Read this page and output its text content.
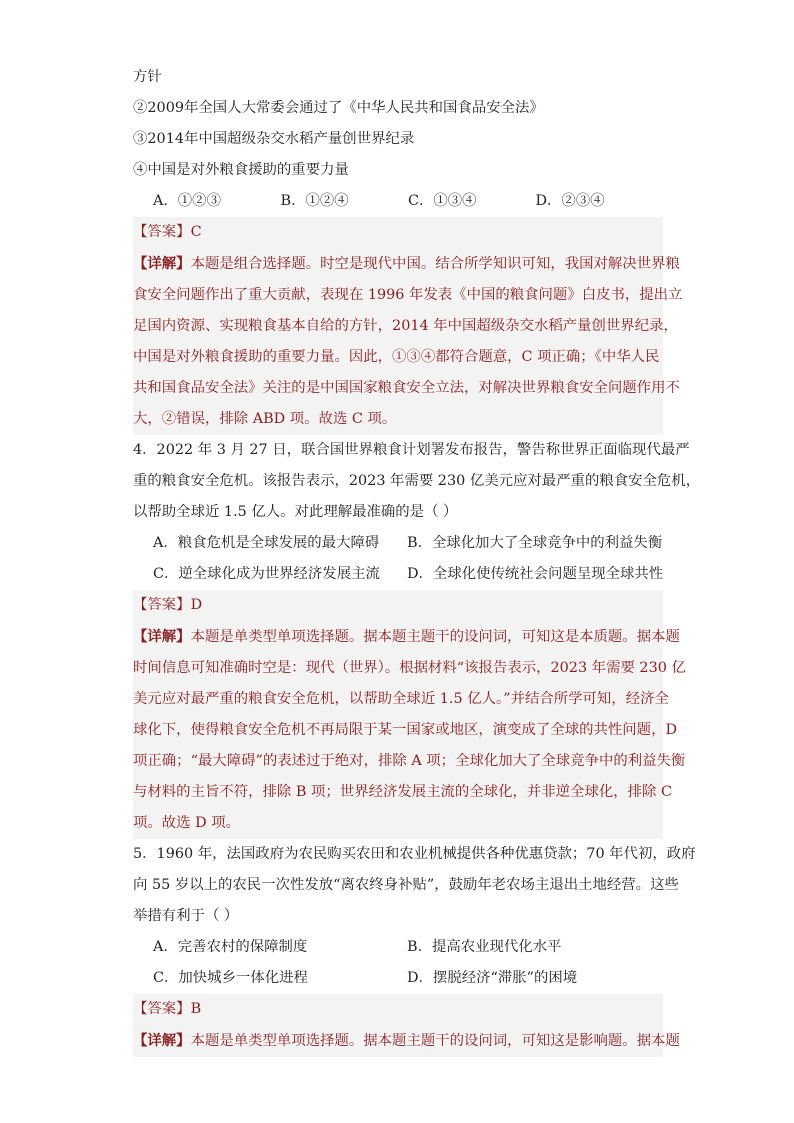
方针
②2009年全国人大常委会通过了《中华人民共和国食品安全法》
③2014年中国超级杂交水稻产量创世界纪录
④中国是对外粮食援助的重要力量
A．①②③	B．①②④	C．①③④	D．②③④
【答案】C
【详解】本题是组合选择题。时空是现代中国。结合所学知识可知，我国对解决世界粮
食安全问题作出了重大贡献，表现在 1996 年发表《中国的粮食问题》白皮书，提出立
足国内资源、实现粮食基本自给的方针，2014 年中国超级杂交水稻产量创世界纪录，
中国是对外粮食援助的重要力量。因此，①③④都符合题意，C 项正确；《中华人民
共和国食品安全法》关注的是中国国家粮食安全立法，对解决世界粮食安全问题作用不
大，②错误，排除 ABD 项。故选 C 项。
4．2022 年 3 月 27 日，联合国世界粮食计划署发布报告，警告称世界正面临现代最严
重的粮食安全危机。该报告表示，2023 年需要 230 亿美元应对最严重的粮食安全危机，
以帮助全球近 1.5 亿人。对此理解最准确的是（ ）
A．粮食危机是全球发展的最大障碍	B．全球化加大了全球竞争中的利益失衡
C．逆全球化成为世界经济发展主流	D．全球化使传统社会问题呈现全球共性
【答案】D
【详解】本题是单类型单项选择题。据本题主题干的设问词，可知这是本质题。据本题
时间信息可知准确时空是：现代（世界）。根据材料“该报告表示，2023 年需要 230 亿
美元应对最严重的粮食安全危机，以帮助全球近 1.5 亿人。”并结合所学可知，经济全
球化下，使得粮食安全危机不再局限于某一国家或地区，演变成了全球的共性问题，D
项正确；“最大障碍”的表述过于绝对，排除 A 项；全球化加大了全球竞争中的利益失衡
与材料的主旨不符，排除 B 项；世界经济发展主流的全球化，并非逆全球化，排除 C
项。故选 D 项。
5．1960 年，法国政府为农民购买农田和农业机械提供各种优惠贷款；70 年代初，政府
向 55 岁以上的农民一次性发放“离农终身补贴”，鼓励年老农场主退出土地经营。这些
举措有利于（ ）
A．完善农村的保障制度	B．提高农业现代化水平
C．加快城乡一体化进程	D．摆脱经济“滞胀”的困境
【答案】B
【详解】本题是单类型单项选择题。据本题主题干的设问词，可知这是影响题。据本题
